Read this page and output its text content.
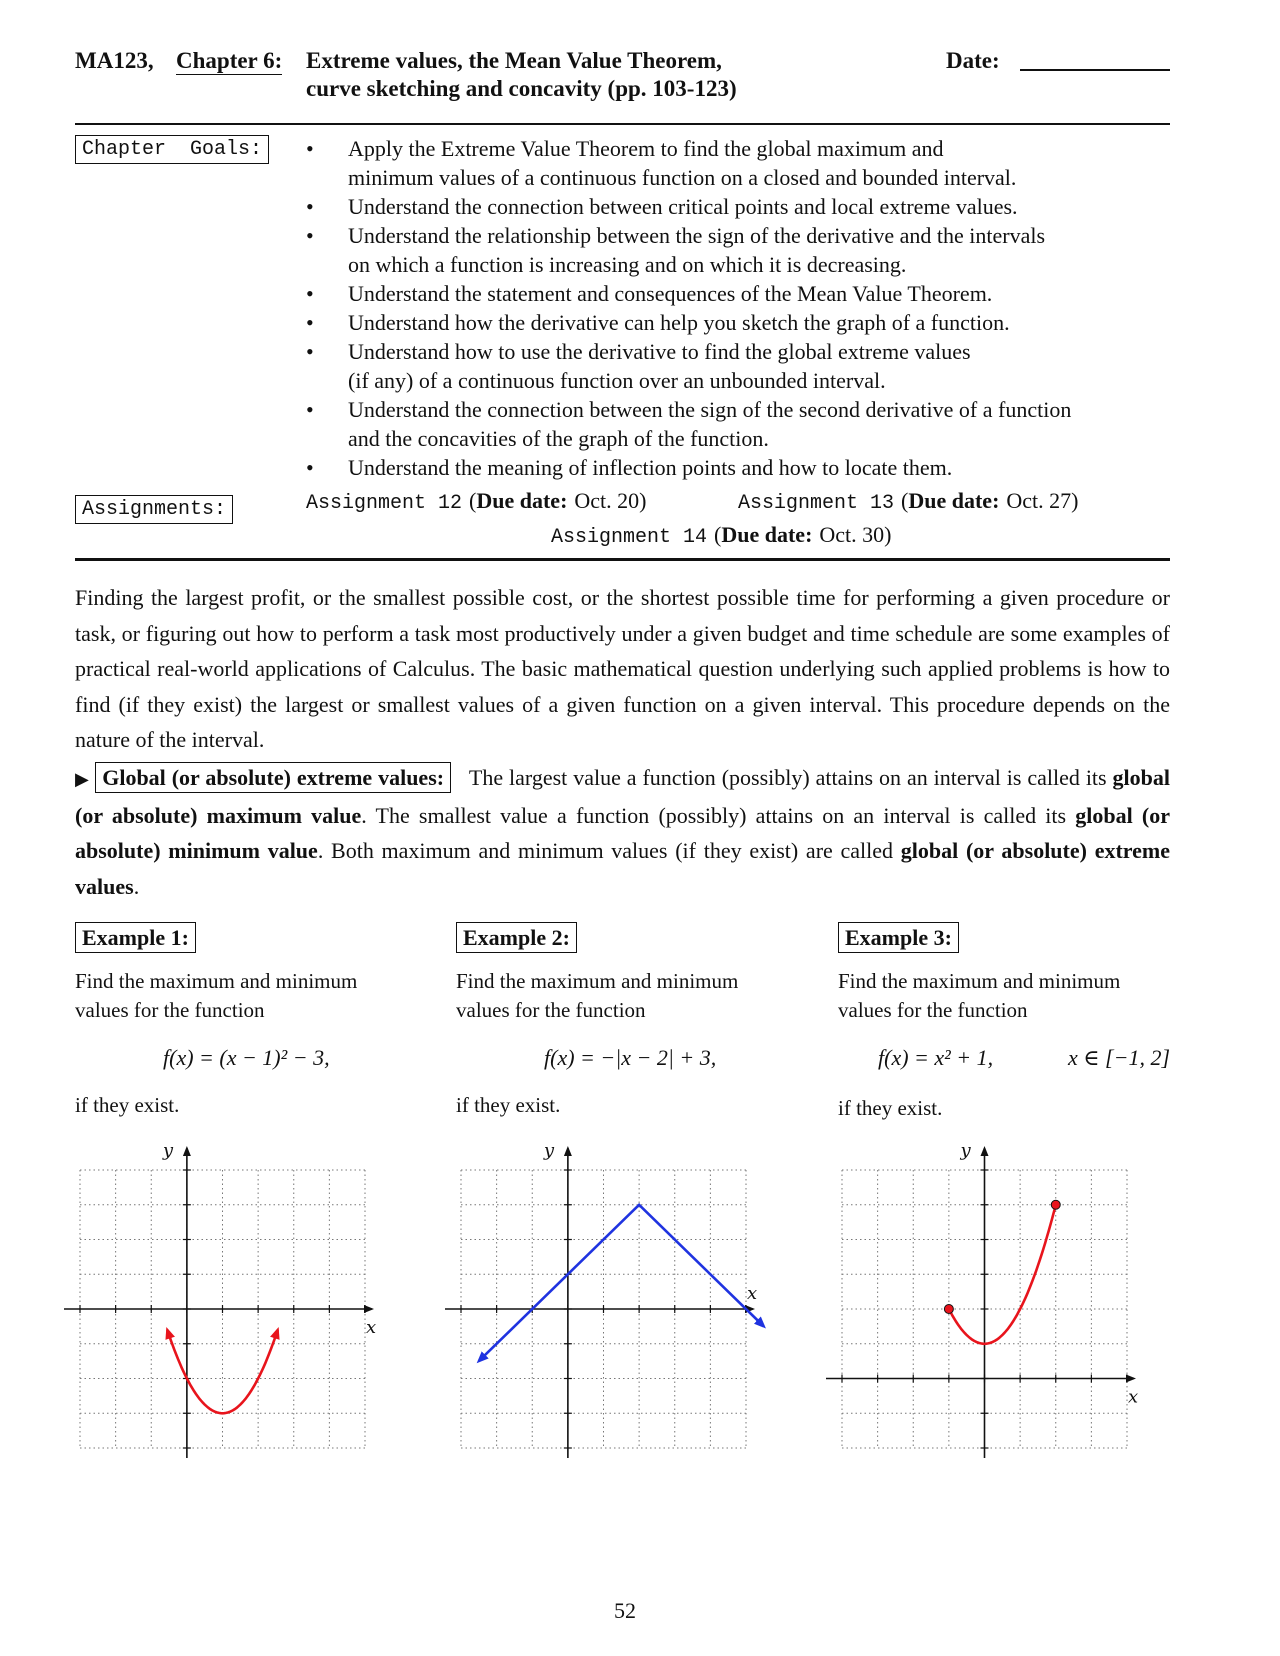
MA123, Chapter 6: Extreme values, the Mean Value Theorem,
curve sketching and concavity (pp. 103-123)
Date:
Chapter  Goals:	• Apply the Extreme Value Theorem to find the global maximum and
minimum values of a continuous function on a closed and bounded interval.
• Understand the connection between critical points and local extreme values.
• Understand the relationship between the sign of the derivative and the intervals
on which a function is increasing and on which it is decreasing.
• Understand the statement and consequences of the Mean Value Theorem.
• Understand how the derivative can help you sketch the graph of a function.
• Understand how to use the derivative to find the global extreme values
(if any) of a continuous function over an unbounded interval.
• Understand the connection between the sign of the second derivative of a function
and the concavities of the graph of the function.
• Understand the meaning of inflection points and how to locate them.
Assignments:	Assignment 12 (Due date: Oct. 20)	Assignment 13 (Due date: Oct. 27)
Assignment 14 (Due date: Oct. 30)
Finding the largest profit, or the smallest possible cost, or the shortest possible time for performing a given procedure or task, or figuring out how to perform a task most productively under a given budget and time schedule are some examples of practical real-world applications of Calculus. The basic mathematical question underlying such applied problems is how to find (if they exist) the largest or smallest values of a given function on a given interval. This procedure depends on the nature of the interval.
▶ Global (or absolute) extreme values: The largest value a function (possibly) attains on an interval is called its global (or absolute) maximum value. The smallest value a function (possibly) attains on an interval is called its global (or absolute) minimum value. Both maximum and minimum values (if they exist) are called global (or absolute) extreme values.
Example 1:
Find the maximum and minimum
values for the function
f(x) = (x − 1)² − 3,
if they exist.
Example 2:
Find the maximum and minimum
values for the function
f(x) = −|x − 2| + 3,
if they exist.
Example 3:
Find the maximum and minimum
values for the function
f(x) = x² + 1,	x ∈ [−1, 2]
if they exist.
x
y
x
y
x
y
52
